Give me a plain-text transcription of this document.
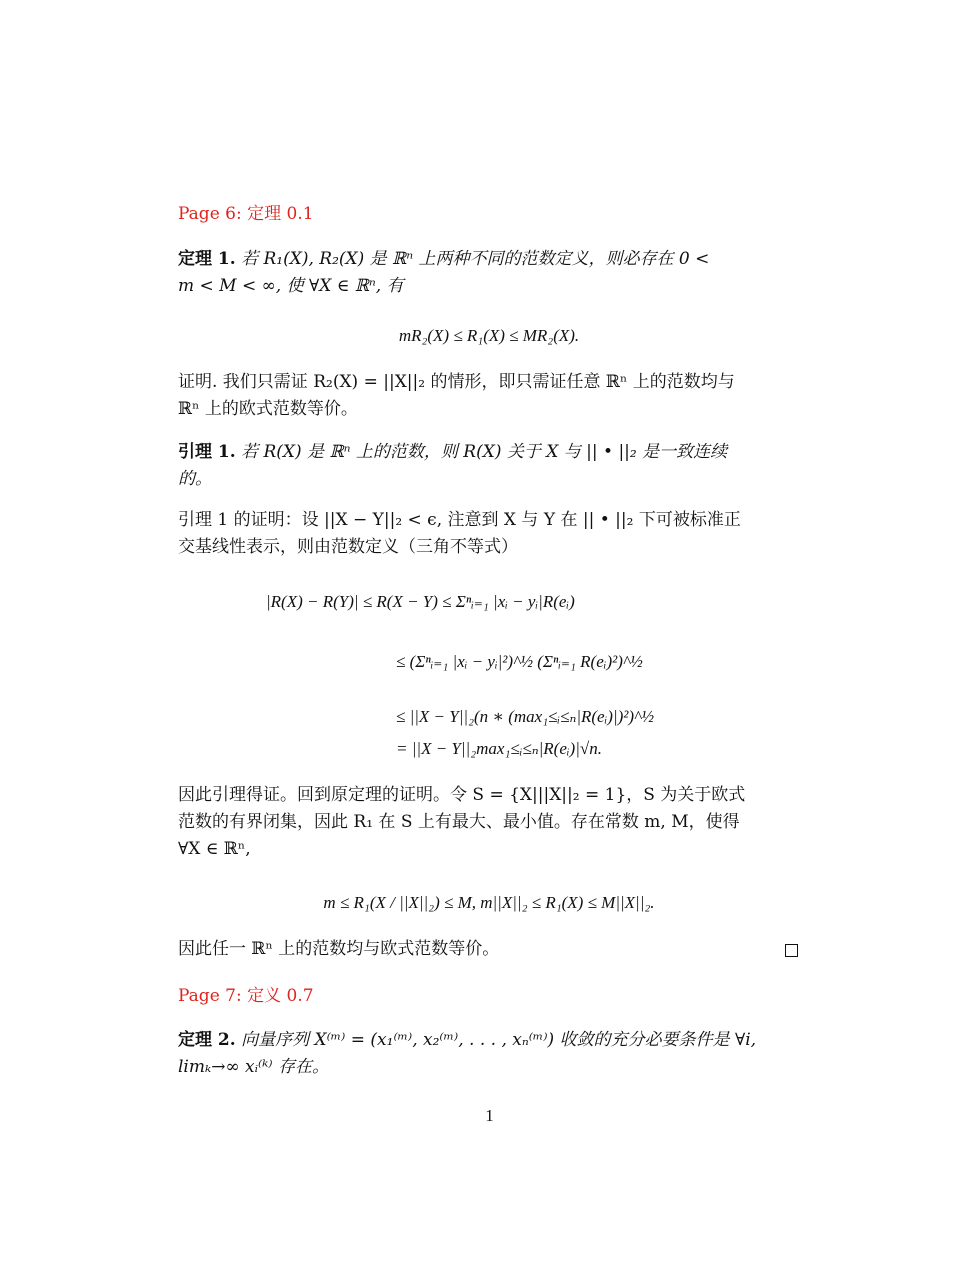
Page 6: 定理 0.1
定理 1. 若 R₁(X), R₂(X) 是 ℝⁿ 上两种不同的范数定义，则必存在 0 <
m < M < ∞, 使 ∀X ∈ ℝⁿ, 有
mR₂(X) ≤ R₁(X) ≤ MR₂(X).
证明. 我们只需证 R₂(X) = ||X||₂ 的情形，即只需证任意 ℝⁿ 上的范数均与
ℝⁿ 上的欧式范数等价。
引理 1. 若 R(X) 是 ℝⁿ 上的范数，则 R(X) 关于 X 与 || • ||₂ 是一致连续
的。
引理 1 的证明：设 ||X − Y||₂ < ϵ, 注意到 X 与 Y 在 || • ||₂ 下可被标准正
交基线性表示，则由范数定义（三角不等式）
|R(X) − R(Y)| ≤ R(X − Y) ≤ Σⁿᵢ₌₁ |xᵢ − yᵢ|R(eᵢ)
≤ (Σⁿᵢ₌₁ |xᵢ − yᵢ|²)^½ (Σⁿᵢ₌₁ R(eᵢ)²)^½
≤ ||X − Y||₂(n ∗ (max₁≤ᵢ≤ₙ|R(eᵢ)|)²)^½
= ||X − Y||₂max₁≤ᵢ≤ₙ|R(eᵢ)|√n.
因此引理得证。回到原定理的证明。令 S = {X|||X||₂ = 1}，S 为关于欧式
范数的有界闭集，因此 R₁ 在 S 上有最大、最小值。存在常数 m, M，使得
∀X ∈ ℝⁿ,
m ≤ R₁(X / ||X||₂) ≤ M, m||X||₂ ≤ R₁(X) ≤ M||X||₂.
因此任一 ℝⁿ 上的范数均与欧式范数等价。
Page 7: 定义 0.7
定理 2. 向量序列 X⁽ᵐ⁾ = (x₁⁽ᵐ⁾, x₂⁽ᵐ⁾, . . . , xₙ⁽ᵐ⁾) 收敛的充分必要条件是 ∀i,
limₖ→∞ xᵢ⁽ᵏ⁾ 存在。
1
